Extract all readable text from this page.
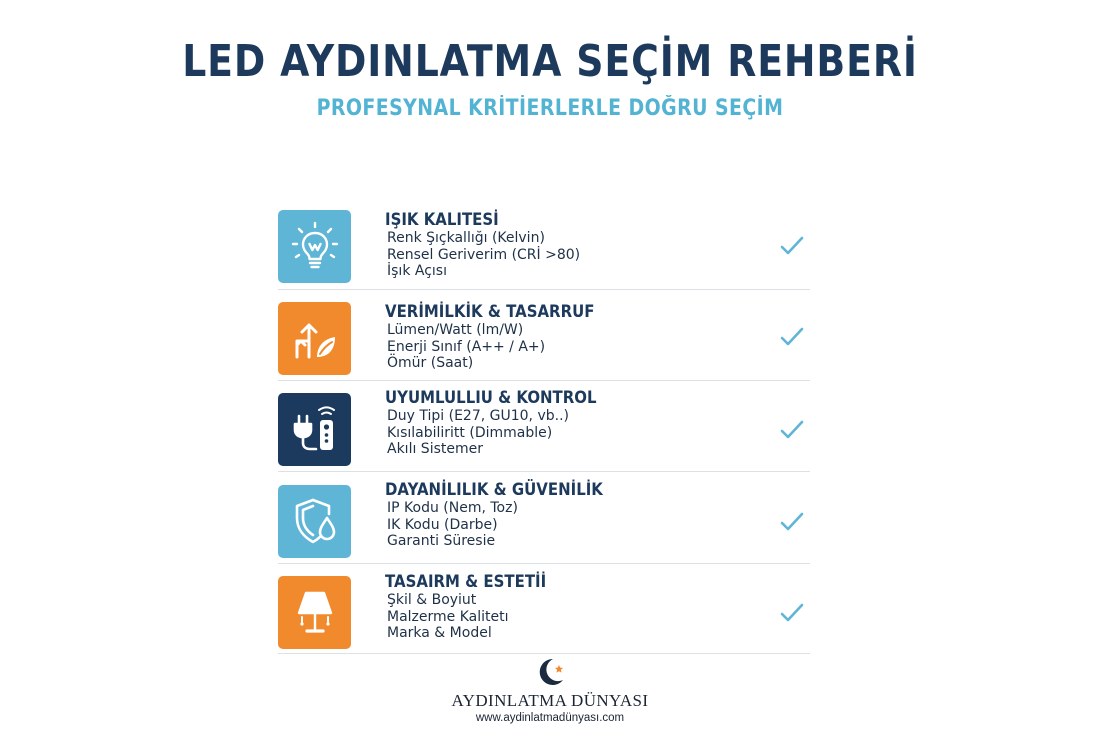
LED AYDINLATMA SEÇİM REHBERİ
PROFESYNAL KRİTİERLERLE DOĞRU SEÇİM
IŞIK KALITESİ
Renk Şıçkallığı (Kelvin)
Rensel Geriverim (CRİ >80)
İşık Açısı
VERİMİLKİK & TASARRUF
Lümen/Watt (lm/W)
Enerji Sınıf (A++ / A+)
Ömür (Saat)
UYUMLULLIU & KONTROL
Duy Tipi (E27, GU10, vb..)
Kısılabiliritt (Dimmable)
Akılı Sistemer
DAYANİLILIK & GÜVENİLİK
IP Kodu (Nem, Toz)
IK Kodu (Darbe)
Garanti Süresie
TASAIRM & ESTETİİ
Şkil & Boyiut
Malzerme Kalitetı
Marka & Model
AYDINLATMA DÜNYASI
www.aydinlatmadünyası.com
